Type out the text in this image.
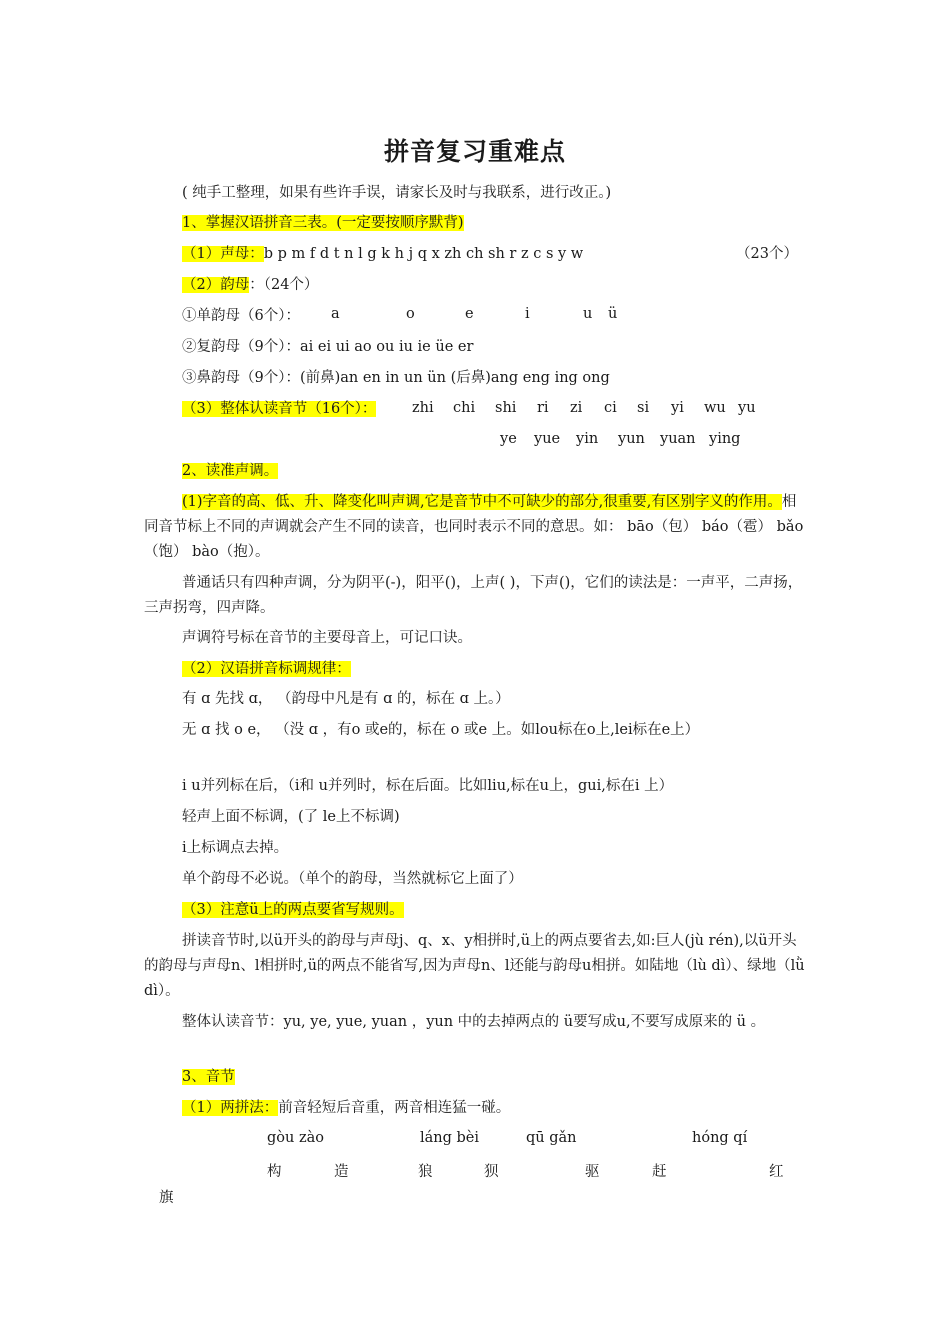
拼音复习重难点
( 纯手工整理，如果有些许手误，请家长及时与我联系，进行改正。)
1、掌握汉语拼音三表。(一定要按顺序默背)
（1）声母：b p m f d t n l g k h j q x zh ch sh r z c s y w	（23个）
（2）韵母：（24个）
①单韵母（6个）： a	o	e	i	u ü
②复韵母（9个）：ai ei ui ao ou iu ie üe er
③鼻韵母（9个）：(前鼻)an en in un ün (后鼻)ang eng ing ong
（3）整体认读音节（16个）： zhi chi shi ri zi ci si yi wu yu
ye yue yin yun yuan ying
2、读准声调。
(1)字音的高、低、升、降变化叫声调,它是音节中不可缺少的部分,很重要,有区别字义的作用。相同音节标上不同的声调就会产生不同的读音，也同时表示不同的意思。如： bāo（包） báo（雹） bǎo（饱） bào（抱）。
普通话只有四种声调，分为阴平(-)，阳平()，上声( )，下声()，它们的读法是：一声平，二声扬，三声拐弯，四声降。
声调符号标在音节的主要母音上，可记口诀。
（2）汉语拼音标调规律：
有 ɑ 先找 ɑ， （韵母中凡是有 ɑ 的，标在 ɑ 上。）
无 ɑ 找 o e， （没 ɑ ，有o 或e的，标在 o 或e 上。如lou标在o上,lei标在e上）
i u并列标在后，（i和 u并列时，标在后面。比如liu,标在u上，gui,标在i 上）
轻声上面不标调，(了 le上不标调)
i上标调点去掉。
单个韵母不必说。（单个的韵母，当然就标它上面了）
（3）注意ü上的两点要省写规则。
拼读音节时,以ü开头的韵母与声母j、q、x、y相拼时,ü上的两点要省去,如:巨人(jù rén),以ü开头的韵母与声母n、l相拼时,ü的两点不能省写,因为声母n、l还能与韵母u相拼。如陆地（lù dì）、绿地（lǜ dì）。
整体认读音节：yu, ye, yue, yuan ，yun 中的去掉两点的 ü要写成u,不要写成原来的 ü 。
3、音节
（1）两拼法：前音轻短后音重，两音相连猛一碰。
gòu zào	láng bèi	qū gǎn	hóng qí
构	造	狼	狈	驱	赶	红
旗
